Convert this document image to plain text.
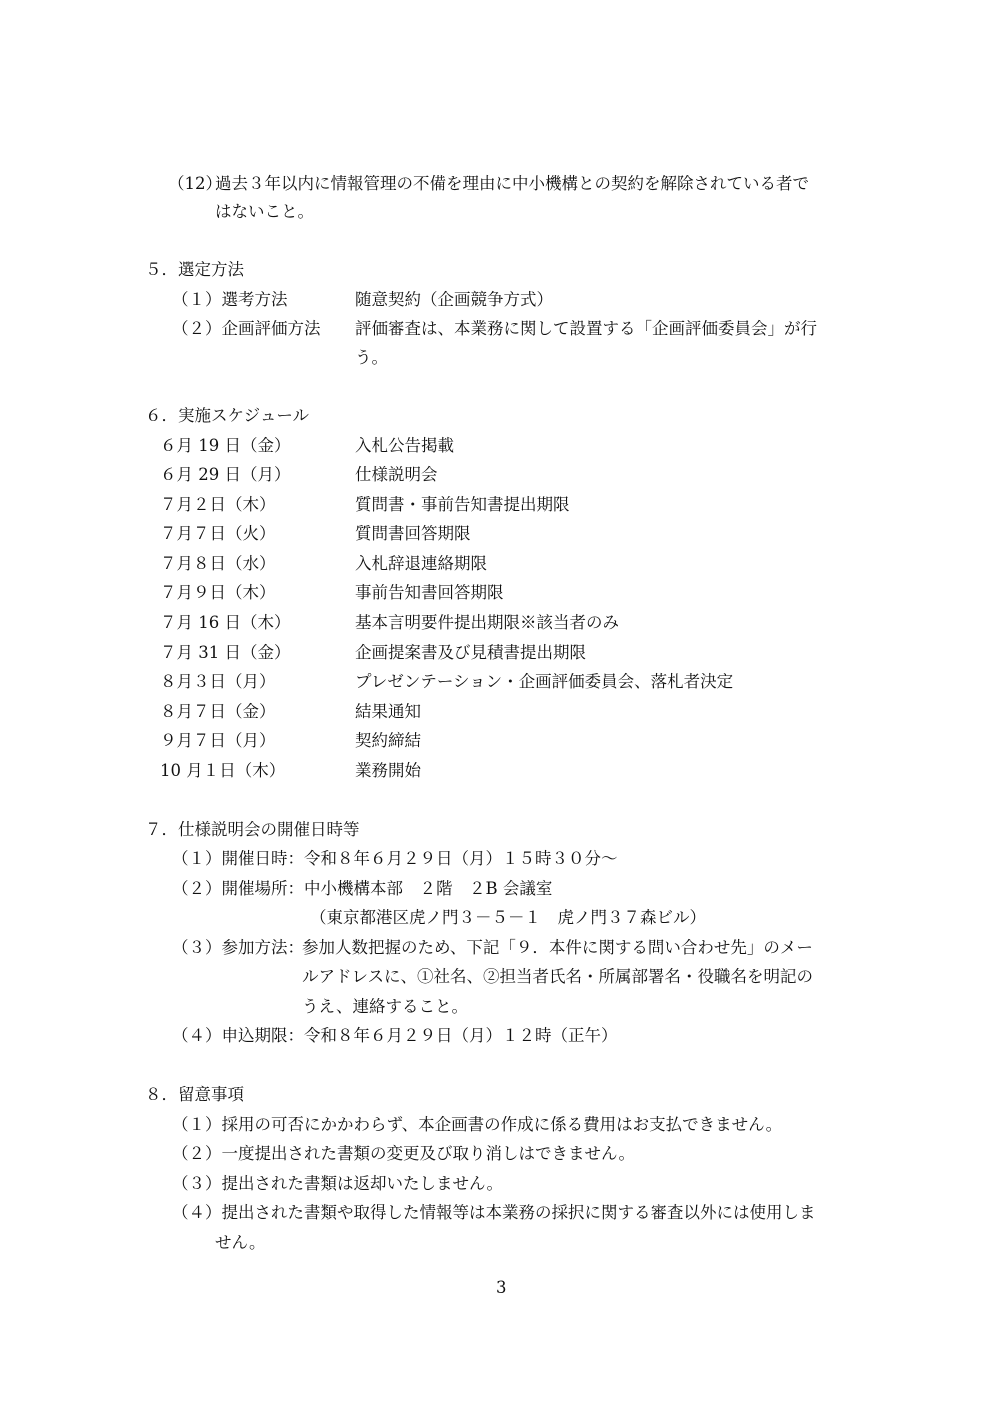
（12）
過去３年以内に情報管理の不備を理由に中小機構との契約を解除されている者で
はないこと。
５．選定方法
（１）選考方法	随意契約（企画競争方式）
（２）企画評価方法 評価審査は、本業務に関して設置する「企画評価委員会」が行
う。
６．実施スケジュール
６月 19 日（金）	入札公告掲載
６月 29 日（月）	仕様説明会
７月２日（木）	質問書・事前告知書提出期限
７月７日（火）	質問書回答期限
７月８日（水）	入札辞退連絡期限
７月９日（木）	事前告知書回答期限
７月 16 日（木）	基本言明要件提出期限※該当者のみ
７月 31 日（金）	企画提案書及び見積書提出期限
８月３日（月）	プレゼンテーション・企画評価委員会、落札者決定
８月７日（金）	結果通知
９月７日（月）	契約締結
10 月１日（木）	業務開始
７．仕様説明会の開催日時等
（１）開催日時：令和８年６月２９日（月）１５時３０分～
（２）開催場所：中小機構本部　２階　２B 会議室
（東京都港区虎ノ門３－５－１　虎ノ門３７森ビル）
（３）参加方法：
参加人数把握のため、下記「９．本件に関する問い合わせ先」のメー
ルアドレスに、①社名、②担当者氏名・所属部署名・役職名を明記の
うえ、連絡すること。
（４）申込期限：令和８年６月２９日（月）１２時（正午）
８．留意事項
（１）採用の可否にかかわらず、本企画書の作成に係る費用はお支払できません。
（２）一度提出された書類の変更及び取り消しはできません。
（３）提出された書類は返却いたしません。
（４）提出された書類や取得した情報等は本業務の採択に関する審査以外には使用しま
せん。
3
